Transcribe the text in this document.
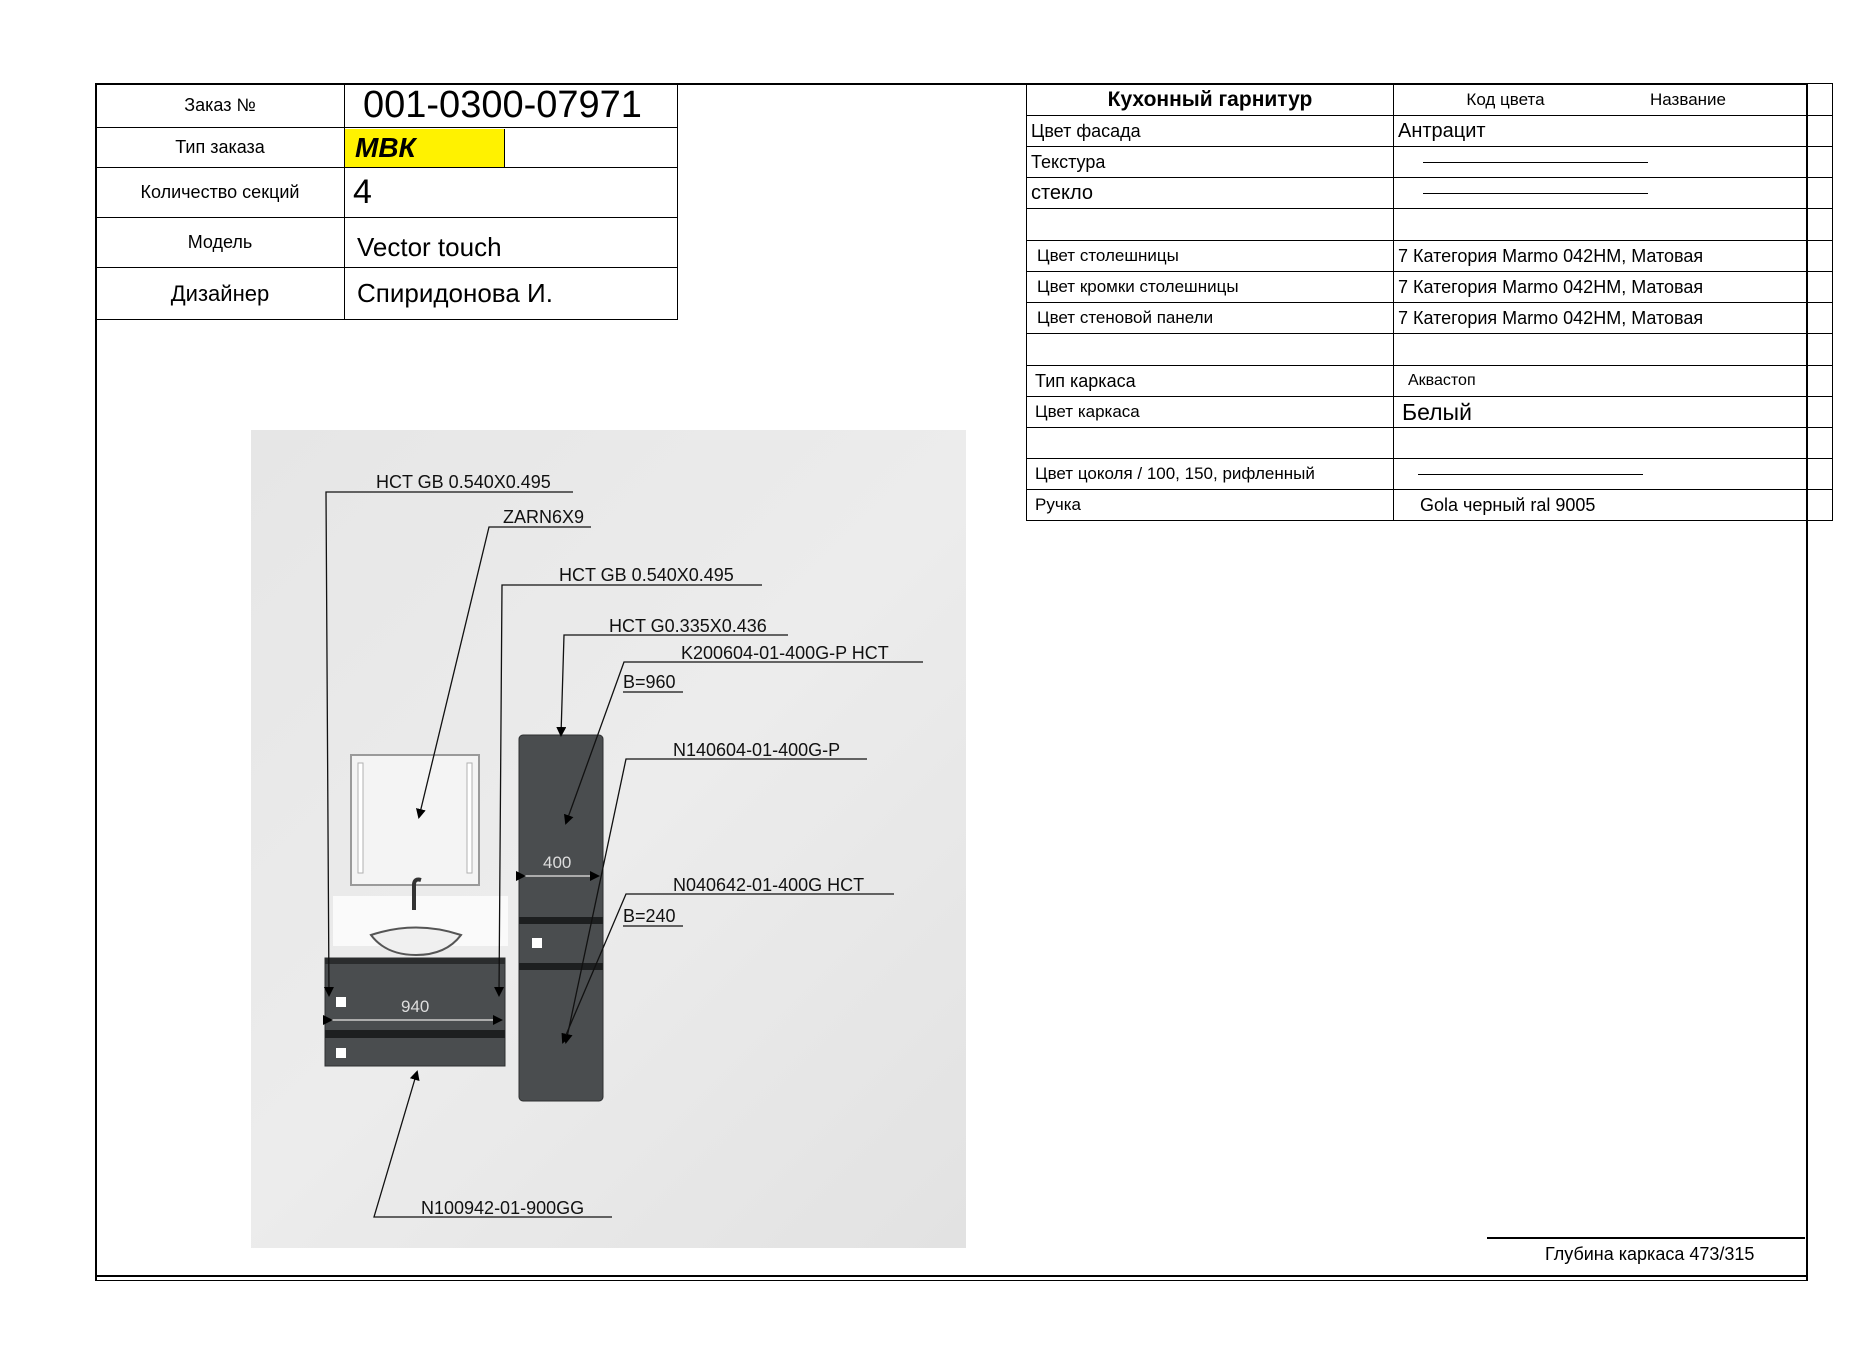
Заказ №	001-0300-07971
Тип заказа	МВК
Количество секций	4
Модель	Vector touch
Дизайнер	Спиридонова И.
Кухонный гарнитур	Код цвета Название
Цвет фасада	Антрацит
Текстура	
стекло	

Цвет столешницы	7 Категория Marmo 042HM, Матовая
Цвет кромки столешницы	7 Категория Marmo 042HM, Матовая
Цвет стеновой панели	7 Категория Marmo 042HM, Матовая

Тип каркаса	Аквастоп
Цвет каркаса	Белый

Цвет цоколя / 100, 150, рифленный	
Ручка	Gola черный ral 9005
HCT GB 0.540X0.495
ZARN6X9
HCT GB 0.540X0.495
HCT G0.335X0.436
K200604-01-400G-P HCT
B=960
N140604-01-400G-P
N040642-01-400G HCT
B=240
N100942-01-900GG
940
400
Глубина каркаса 473/315
